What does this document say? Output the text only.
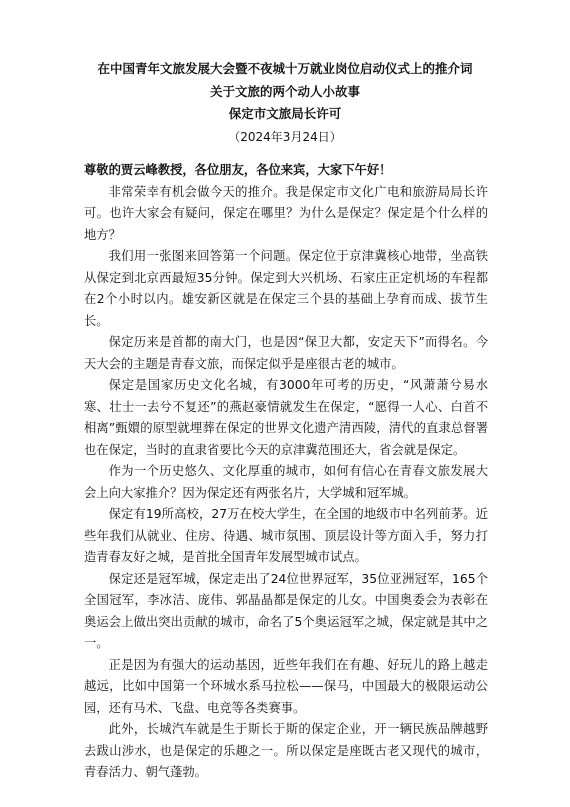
在中国青年文旅发展大会暨不夜城十万就业岗位启动仪式上的推介词
关于文旅的两个动人小故事
保定市文旅局长许可
（2024年3月24日）

尊敬的贾云峰教授，各位朋友，各位来宾，大家下午好！

非常荣幸有机会做今天的推介。我是保定市文化广电和旅游局局长许可。也许大家会有疑问，保定在哪里？为什么是保定？保定是个什么样的地方？

我们用一张图来回答第一个问题。保定位于京津冀核心地带，坐高铁从保定到北京西最短35分钟。保定到大兴机场、石家庄正定机场的车程都在2个小时以内。雄安新区就是在保定三个县的基础上孕育而成、拔节生长。

保定历来是首都的南大门，也是因“保卫大都，安定天下”而得名。今天大会的主题是青春文旅，而保定似乎是座很古老的城市。

保定是国家历史文化名城，有3000年可考的历史，“风萧萧兮易水寒、壮士一去兮不复还”的燕赵豪情就发生在保定，“愿得一人心、白首不相离”甄嬛的原型就埋葬在保定的世界文化遗产清西陵，清代的直隶总督署也在保定，当时的直隶省要比今天的京津冀范围还大，省会就是保定。

作为一个历史悠久、文化厚重的城市，如何有信心在青春文旅发展大会上向大家推介？因为保定还有两张名片，大学城和冠军城。

保定有19所高校，27万在校大学生，在全国的地级市中名列前茅。近些年我们从就业、住房、待遇、城市氛围、顶层设计等方面入手，努力打造青春友好之城，是首批全国青年发展型城市试点。

保定还是冠军城，保定走出了24位世界冠军，35位亚洲冠军，165个全国冠军，李冰洁、庞伟、郭晶晶都是保定的儿女。中国奥委会为表彰在奥运会上做出突出贡献的城市，命名了5个奥运冠军之城，保定就是其中之一。

正是因为有强大的运动基因，近些年我们在有趣、好玩儿的路上越走越远，比如中国第一个环城水系马拉松——保马，中国最大的极限运动公园，还有马术、飞盘、电竞等各类赛事。

此外，长城汽车就是生于斯长于斯的保定企业，开一辆民族品牌越野去跋山涉水，也是保定的乐趣之一。所以保定是座既古老又现代的城市，青春活力、朝气蓬勃。
